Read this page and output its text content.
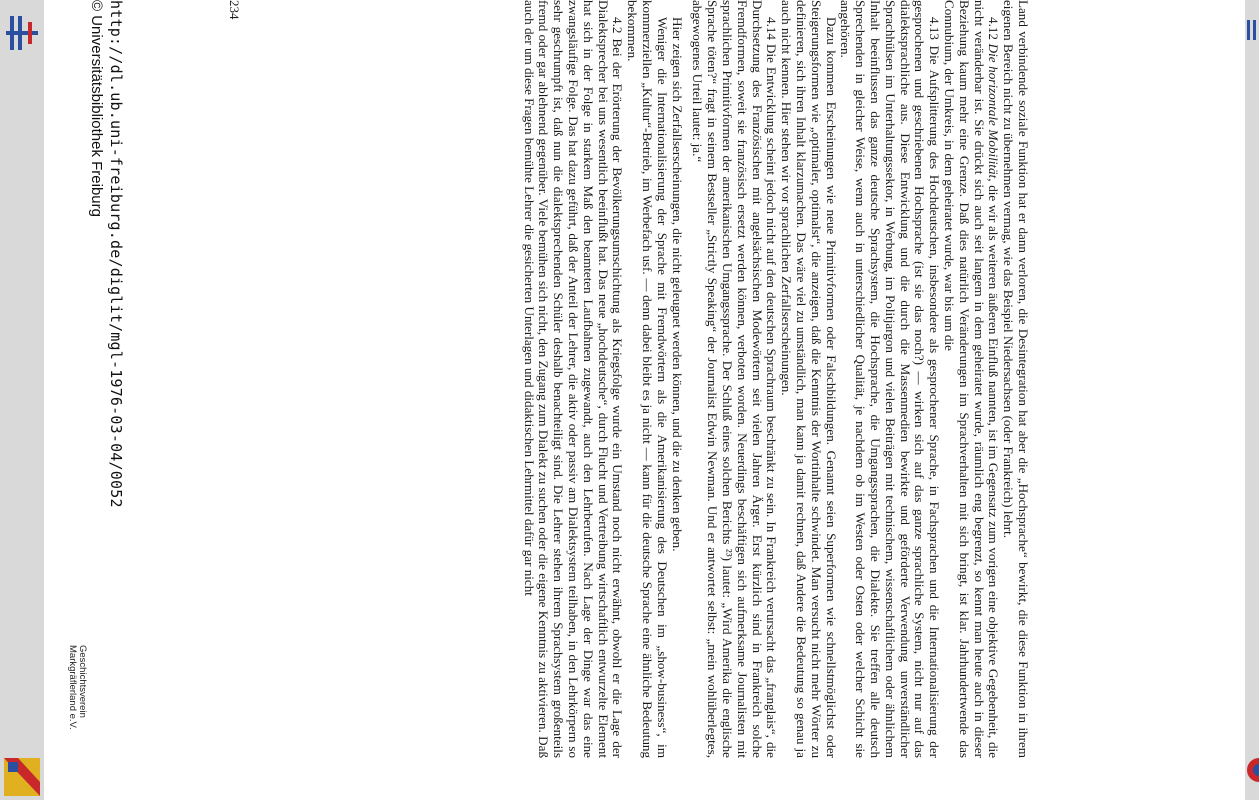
Land verbindende soziale Funktion hat er dann verloren, die Desintegration hat aber die „Hochsprache“ bewirkt, die diese Funktion in ihrem eigenen Bereich nicht zu übernehmen vermag, wie das Beispiel Niedersachsen (oder Frankreich) lehrt.

4.12 Die horizontale Mobilität, die wir als weiteren äußeren Einfluß nannten, ist im Gegensatz zum vorigen eine objektive Gegebenheit, die nicht veränderbar ist. Sie drückt sich auch seit langem in dem geheiratet wurde, räumlich eng begrenzt, so kennt man heute auch in dieser Beziehung kaum mehr eine Grenze. Daß dies natürlich Veränderungen im Sprachverhalten mit sich bringt, ist klar. Jahrhundertwende das Connubium, der Umkreis, in dem geheiratet wurde, war bis um die

4.13 Die Aufsplitterung des Hochdeutschen, insbesondere als gesprochener Sprache, in Fachsprachen und die Internationalisierung der gesprochenen und geschriebenen Hochsprache (ist sie das noch?) — wirken sich auf das ganze sprachliche System, nicht nur auf das dialektsprachliche aus. Diese Entwicklung und die durch die Massenmedien bewirkte und geförderte Verwendung unverständlicher Sprachhülsen im Unterhaltungssektor, in Werbung, im Politjargon und vielen Beiträgen mit technischem, wissenschaftlichem oder ähnlichem Inhalt beeinflussen das ganze deutsche Sprachsystem, die Hochsprache, die Umgangssprachen, die Dialekte. Sie treffen alle deutsch Sprechenden in gleicher Weise, wenn auch in unterschiedlicher Qualität, je nachdem ob im Westen oder Osten oder welcher Schicht sie angehören.

Dazu kommen Erscheinungen wie neue Primitivformen oder Falschbildungen. Genannt seien Superformen wie schnellstmöglichst oder Steigerungsformen wie „optimaler, optimalst“, die anzeigen, daß die Kenntnis der Wortinhalte schwindet. Man versucht nicht mehr Wörter zu definieren, sich ihren Inhalt klarzumachen. Das wäre viel zu umständlich, man kann ja damit rechnen, daß Andere die Bedeutung so genau ja auch nicht kennen. Hier stehen wir vor sprachlichen Zerfallserscheinungen.

4.14 Die Entwicklung scheint jedoch nicht auf den deutschen Sprachraum beschränkt zu sein. In Frankreich verursacht das „franglais“, die Durchsetzung des Französischen mit angelsächsischen Modewörtern seit vielen Jahren Ärger. Erst kürzlich sind in Frankreich solche Fremdformen, soweit sie französisch ersetzt werden können, verboten worden. Neuerdings beschäftigen sich aufmerksame Journalisten mit sprachlichen Primitivformen der amerikanischen Umgangssprache. Der Schluß eines solchen Berichts ²³) lautet: „Wird Amerika die englische Sprache töten?“ fragt in seinem Bestseller „Strictly Speaking“ der Journalist Edwin Newman. Und er antwortet selbst: „mein wohlüberlegtes, abgewogenes Urteil lautet: ja.“

Hier zeigen sich Zerfallserscheinungen, die nicht geleugnet werden können, und die zu denken geben.

Weniger die Internationalisierung der Sprache mit Fremdwörtern als die Amerikanisierung des Deutschen im „show-business“, im kommerziellen „Kultur“-Betrieb, im Werbefach usf. — denn dabei bleibt es ja nicht — kann für die deutsche Sprache eine ähnliche Bedeutung bekommen.

4.2 Bei der Erörterung der Bevölkerungsumschichtung als Kriegsfolge wurde ein Umstand noch nicht erwähnt, obwohl er die Lage der Dialektsprecher bei uns wesentlich beeinflußt hat. Das neue „hochdeutsche“, durch Flucht und Vertreibung wirtschaftlich entwurzelte Element hat sich in der Folge in starkem Maß den beamteten Laufbahnen zugewandt, auch den Lehrberufen. Nach Lage der Dinge war das eine zwangsläufige Folge. Das hat dazu geführt, daß der Anteil der Lehrer, die aktiv oder passiv am Dialektsystem teilhaben, in den Lehrkörpern so sehr geschrumpft ist, daß nun die dialektsprechenden Schüler deshalb benachteiligt sind. Die Lehrer stehen ihrem Sprachsystem großenteils fremd oder gar ablehnend gegenüber. Viele bemühen sich nicht, den Zugang zum Dialekt zu suchen oder die eigene Kenntnis zu aktivieren. Daß auch der um diese Fragen bemühte Lehrer die gesicherten Unterlagen und didaktischen Lehrmittel dafür gar nicht

234
http://dl.ub.uni-freiburg.de/diglit/mgl-1976-03-04/0052
© Universitätsbibliothek Freiburg
Geschichtsverein
Markgräflerland e.V.
